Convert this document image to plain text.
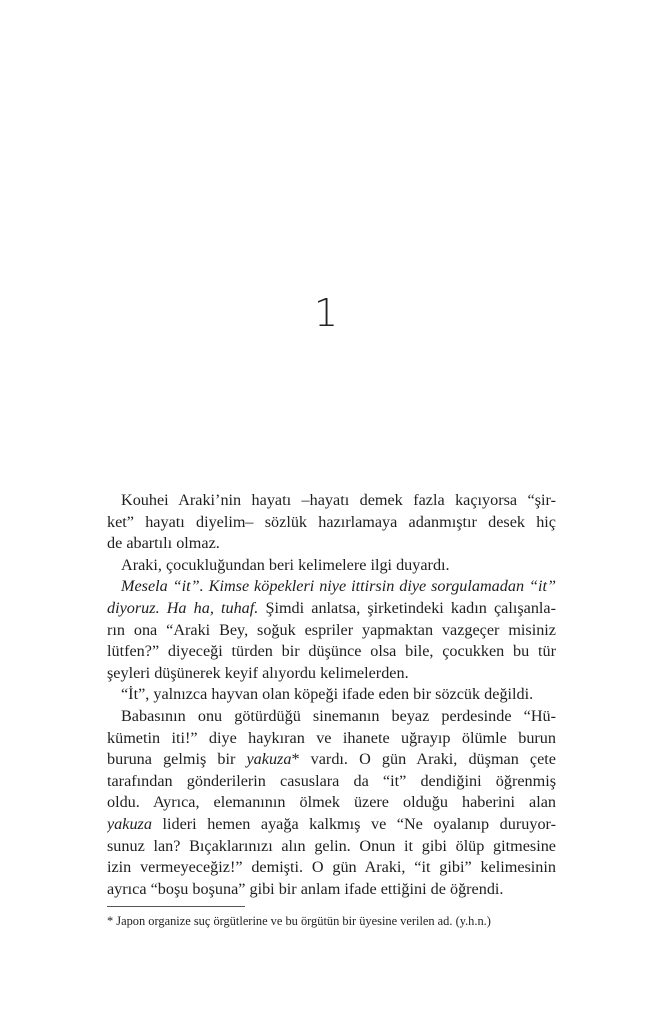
1
Kouhei Araki’nin hayatı –hayatı demek fazla kaçıyorsa “şir-
ket” hayatı diyelim– sözlük hazırlamaya adanmıştır desek hiç
de abartılı olmaz.
Araki, çocukluğundan beri kelimelere ilgi duyardı.
Mesela “it”. Kimse köpekleri niye ittirsin diye sorgulamadan “it”
diyoruz. Ha ha, tuhaf. Şimdi anlatsa, şirketindeki kadın çalışanla-
rın ona “Araki Bey, soğuk espriler yapmaktan vazgeçer misiniz
lütfen?” diyeceği türden bir düşünce olsa bile, çocukken bu tür
şeyleri düşünerek keyif alıyordu kelimelerden.
“İt”, yalnızca hayvan olan köpeği ifade eden bir sözcük değildi.
Babasının onu götürdüğü sinemanın beyaz perdesinde “Hü-
kümetin iti!” diye haykıran ve ihanete uğrayıp ölümle burun
buruna gelmiş bir yakuza* vardı. O gün Araki, düşman çete
tarafından gönderilerin casuslara da “it” dendiğini öğrenmiş
oldu. Ayrıca, elemanının ölmek üzere olduğu haberini alan
yakuza lideri hemen ayağa kalkmış ve “Ne oyalanıp duruyor-
sunuz lan? Bıçaklarınızı alın gelin. Onun it gibi ölüp gitmesine
izin vermeyeceğiz!” demişti. O gün Araki, “it gibi” kelimesinin
ayrıca “boşu boşuna” gibi bir anlam ifade ettiğini de öğrendi.
* Japon organize suç örgütlerine ve bu örgütün bir üyesine verilen ad. (y.h.n.)
